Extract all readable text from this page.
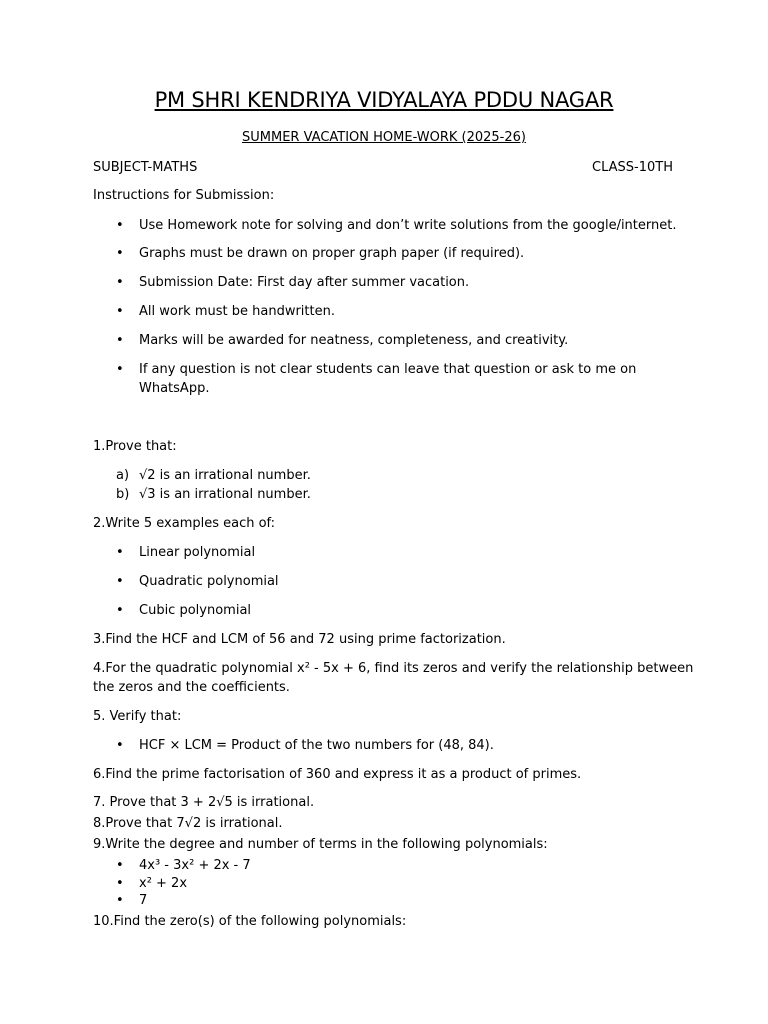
PM SHRI KENDRIYA VIDYALAYA PDDU NAGAR
SUMMER VACATION HOME-WORK (2025-26)
SUBJECT-MATHS	CLASS-10TH
Instructions for Submission:
•
Use Homework note for solving and don’t write solutions from the google/internet.
•
Graphs must be drawn on proper graph paper (if required).
•
Submission Date: First day after summer vacation.
•
All work must be handwritten.
•
Marks will be awarded for neatness, completeness, and creativity.
•
If any question is not clear students can leave that question or ask to me on
WhatsApp.
1.Prove that:
a) √2 is an irrational number.
b) √3 is an irrational number.
2.Write 5 examples each of:
•
Linear polynomial
•
Quadratic polynomial
•
Cubic polynomial
3.Find the HCF and LCM of 56 and 72 using prime factorization.
4.For the quadratic polynomial x² - 5x + 6, find its zeros and verify the relationship between
the zeros and the coefficients.
5. Verify that:
•
HCF × LCM = Product of the two numbers for (48, 84).
6.Find the prime factorisation of 360 and express it as a product of primes.
7. Prove that 3 + 2√5 is irrational.
8.Prove that 7√2 is irrational.
9.Write the degree and number of terms in the following polynomials:
•
4x³ - 3x² + 2x - 7
•
x² + 2x
•
7
10.Find the zero(s) of the following polynomials:
